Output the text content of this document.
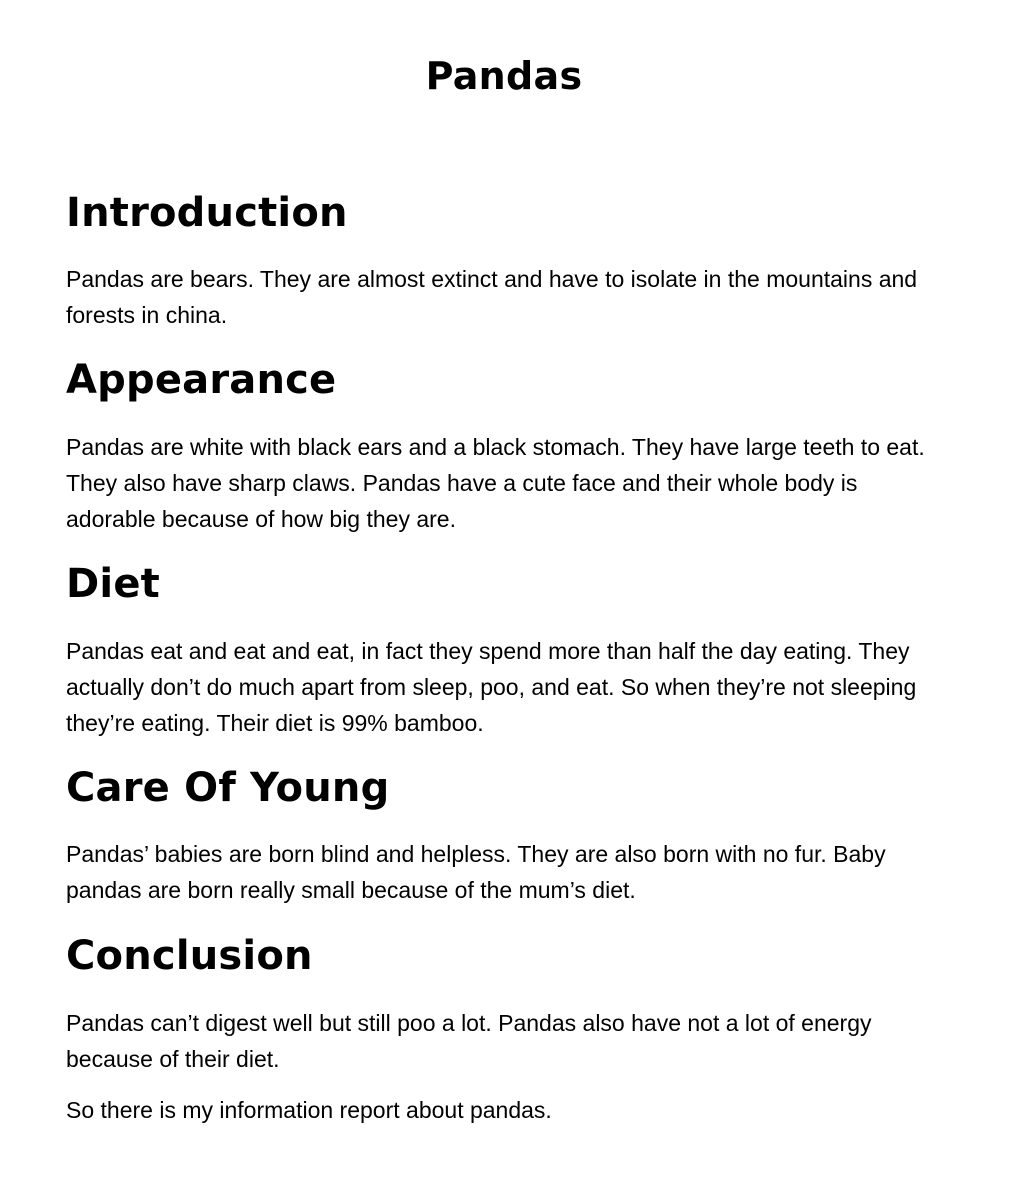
Pandas
Introduction

Pandas are bears. They are almost extinct and have to isolate in the mountains and forests in china.

Appearance

Pandas are white with black ears and a black stomach. They have large teeth to eat. They also have sharp claws. Pandas have a cute face and their whole body is adorable because of how big they are.

Diet

Pandas eat and eat and eat, in fact they spend more than half the day eating. They actually don’t do much apart from sleep, poo, and eat. So when they’re not sleeping they’re eating. Their diet is 99% bamboo.

Care Of Young

Pandas’ babies are born blind and helpless. They are also born with no fur. Baby pandas are born really small because of the mum’s diet.

Conclusion

Pandas can’t digest well but still poo a lot. Pandas also have not a lot of energy because of their diet.

So there is my information report about pandas.
